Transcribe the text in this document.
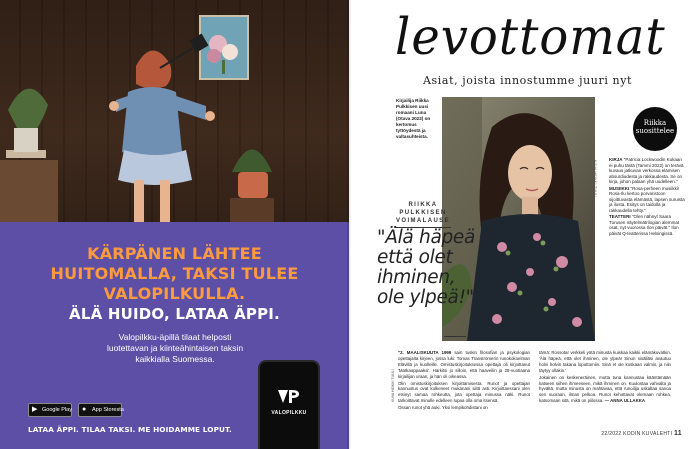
KÄRPÄNEN LÄHTEE
HUITOMALLA, TAKSI TULEE
VALOPILKULLA.
ÄLÄ HUIDO, LATAA ÄPPI.
Valopilkku-äpillä tilaat helposti
luotettavan ja kiinteähintaisen taksin
kaikkialla Suomessa.
▶ Google Play ●	App Storesta
LATAA ÄPPI. TILAA TAKSI. ME HOIDAMME LOPUT.
VALOPILKKU
levottomat
Asiat, joista innostumme juuri nyt
Kirjailija Riikka Pulkkisen uusi romaani Luna (Otava 2022) on kertomus tyttöydestä ja valtasuhteista.
KUVA HEIKKI TUULI
RIIKKA
PULKKISEN
VOIMALAUSE
"Älä häpeä
että olet
ihminen,
ole ylpeä!"
Riikka
suosittelee

KIRJA "Patricia Lockwoodin Kukaan ei puhu tästä (Tammi 2022) on terävä kuvaus jatkuvan verkossa elämisen absurdiudesta ja rakkaudesta. Se on kirja, johon palaan yhä uudelleen."

MUSIIKKI "Rosa-perheen musiikki! Rosa-Ilu kertoo porvaristoon sijoittuvasta elämästä, lapsen suruista ja ilosta. Esitys on taidolla ja rakkaudella tehty."

TEATTERI "Olen nähnyt Saara Turusen näytelmätrilogian alemmat osat, nyt vuorossa Ilon päivät." Ilon päivät Q-teatterissa Helsingissä.

KUVA HEIKKI TUULI

"2. MAALISKUUTA 1999 sain tuskin filosofian ja psykologian opettajalta kirjeen, jossa luki: Tomas Tranströmerin runokokoelman Elävillä ja kuolleille. Omistuskirjoituksessa opettaja oli kirjoittanut 'Matkaoppaaksi'. Harkitsi jo silloin, että haaveilin ja 28-vuotiaana kirjailijan uraan, ja hän oli oikeassa.

Olin omistuskirjoituksen kirjoittamisesta. Runot ja opettajan kannustus ovat kulkeneet mukanani siitä asti. Kirjoittaessani olen etsinyt samaa rohkeutta, jota opettaja minussa näki. Runot tarkoittavat minulle edelleen lupaa olla oma itsensä.

Ossan runot yhä auki. Yksi lempikohdistani on

tämä: Rossotar verkkeli yötä minusta kuiskaa kaikki elämäkuvatkin. 'Älä häpeä, että olet ihminen, ole ylpeä! Sinun sisälläsi avautuu holvi holvin takana loputtomiin. Sinä et ole koskaan valmis, ja niin täytyy ollakin.'

Jokainen on keskeneräinen, mutta tuna kannustaa kääntämään katseen siihen ihmeeseen, mikä ihminen on. Kuulostaa vahvalta ja hyvältä, mutta minusta on mahtavaa, että runoilija uskaltaa sanoa sen suoraan, ilman pelkoa. Runot kehottavat olemaan rohkea, katsomaan sitä, mikä on piilossa. — ANNA ULLAKKA

22/2022 KODIN KUVALEHTI 11
